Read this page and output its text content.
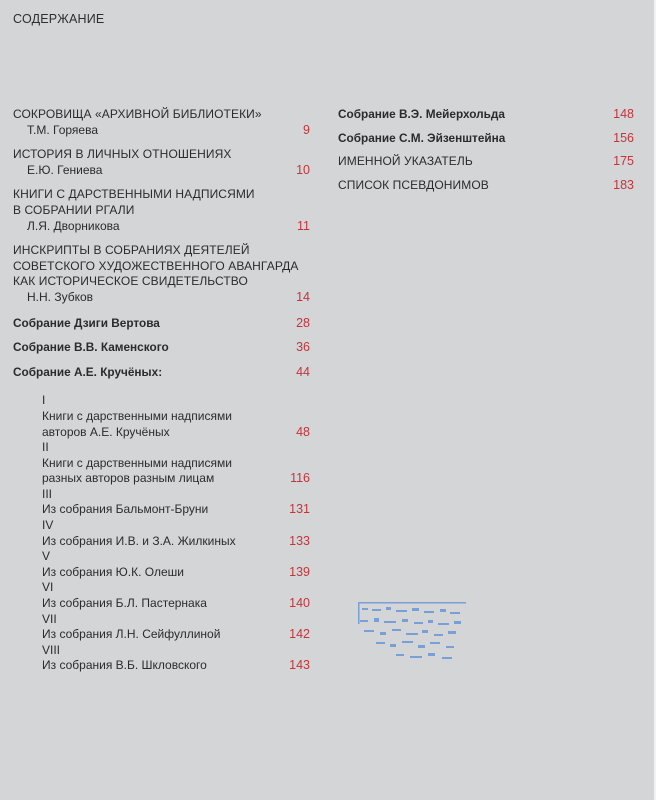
СОДЕРЖАНИЕ
СОКРОВИЩА «АРХИВНОЙ БИБЛИОТЕКИ»
Т.М. Горяева	9
ИСТОРИЯ В ЛИЧНЫХ ОТНОШЕНИЯХ
Е.Ю. Гениева	10
КНИГИ С ДАРСТВЕННЫМИ НАДПИСЯМИ
В СОБРАНИИ РГАЛИ
Л.Я. Дворникова	11
ИНСКРИПТЫ В СОБРАНИЯХ ДЕЯТЕЛЕЙ
СОВЕТСКОГО ХУДОЖЕСТВЕННОГО АВАНГАРДА
КАК ИСТОРИЧЕСКОЕ СВИДЕТЕЛЬСТВО
Н.Н. Зубков	14
Собрание Дзиги Вертова	28
Собрание В.В. Каменского	36
Собрание А.Е. Кручёных:	44
I
Книги с дарственными надписями
авторов А.Е. Кручёных	48
II
Книги с дарственными надписями
разных авторов разным лицам	116
III
Из собрания Бальмонт-Бруни	131
IV
Из собрания И.В. и З.А. Жилкиных	133
V
Из собрания Ю.К. Олеши	139
VI
Из собрания Б.Л. Пастернака	140
VII
Из собрания Л.Н. Сейфуллиной	142
VIII
Из собрания В.Б. Шкловского	143
Собрание В.Э. Мейерхольда	148
Собрание С.М. Эйзенштейна	156
ИМЕННОЙ УКАЗАТЕЛЬ	175
СПИСОК ПСЕВДОНИМОВ	183
